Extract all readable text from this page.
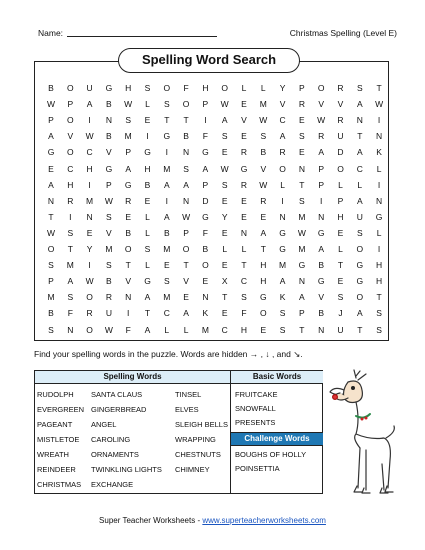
Name:	Christmas Spelling (Level E)
Spelling Word Search
B	O	U	G	H	S	O	F	H	O	L	L	Y	P	O	R	S	T
W	P	A	B	W	L	S	O	P	W	E	M	V	R	V	V	A	W
P	O	I	N	S	E	T	T	I	A	V	W	C	E	W	R	N	I
A	V	W	B	M	I	G	B	F	S	E	S	A	S	R	U	T	N
G	O	C	V	P	G	I	N	G	E	R	B	R	E	A	D	A	K
E	C	H	G	A	H	M	S	A	W	G	V	O	N	P	O	C	L
A	H	I	P	G	B	A	A	P	S	R	W	L	T	P	L	L	I
N	R	M	W	R	E	I	N	D	E	E	R	I	S	I	P	A	N
T	I	N	S	E	L	A	W	G	Y	E	E	N	M	N	H	U	G
W	S	E	V	B	L	B	P	F	E	N	A	G	W	G	E	S	L
O	T	Y	M	O	S	M	O	B	L	L	T	G	M	A	L	O	I
S	M	I	S	T	L	E	T	O	E	T	H	M	G	B	T	G	H
P	A	W	B	V	G	S	V	E	X	C	H	A	N	G	E	G	H
M	S	O	R	N	A	M	E	N	T	S	G	K	A	V	S	O	T
B	F	R	U	I	T	C	A	K	E	F	O	S	P	B	J	A	S
S	N	O	W	F	A	L	L	M	C	H	E	S	T	N	U	T	S
Find your spelling words in the puzzle. Words are hidden → , ↓ , and ↘.
Spelling Words	Basic Words
RUDOLPH
EVERGREEN
PAGEANT
MISTLETOE
WREATH
REINDEER
CHRISTMAS
SANTA CLAUS
GINGERBREAD
ANGEL
CAROLING
ORNAMENTS
TWINKLING LIGHTS
EXCHANGE
TINSEL
ELVES
SLEIGH BELLS
WRAPPING
CHESTNUTS
CHIMNEY
FRUITCAKE
SNOWFALL
PRESENTS
Challenge Words
BOUGHS OF HOLLY
POINSETTIA
Super Teacher Worksheets - www.superteacherworksheets.com
